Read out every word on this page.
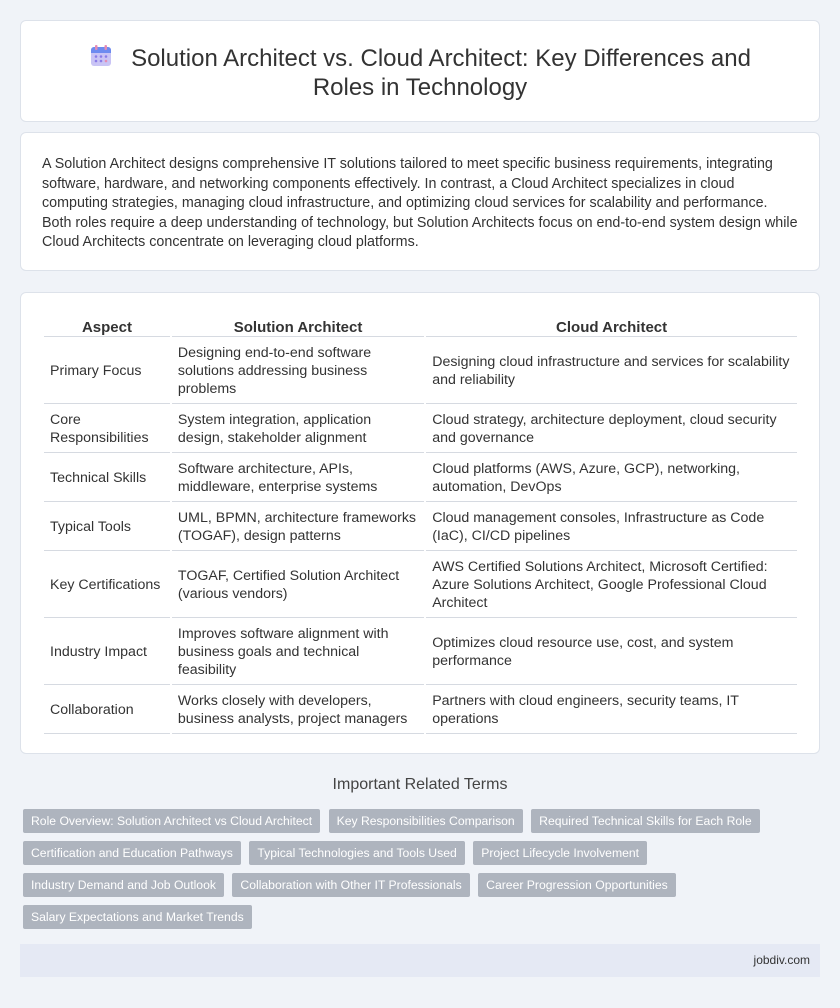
Solution Architect vs. Cloud Architect: Key Differences and Roles in Technology

A Solution Architect designs comprehensive IT solutions tailored to meet specific business requirements, integrating software, hardware, and networking components effectively. In contrast, a Cloud Architect specializes in cloud computing strategies, managing cloud infrastructure, and optimizing cloud services for scalability and performance. Both roles require a deep understanding of technology, but Solution Architects focus on end-to-end system design while Cloud Architects concentrate on leveraging cloud platforms.

Aspect	Solution Architect	Cloud Architect
Primary Focus	Designing end-to-end software solutions addressing business problems	Designing cloud infrastructure and services for scalability and reliability
Core Responsibilities	System integration, application design, stakeholder alignment	Cloud strategy, architecture deployment, cloud security and governance
Technical Skills	Software architecture, APIs, middleware, enterprise systems	Cloud platforms (AWS, Azure, GCP), networking, automation, DevOps
Typical Tools	UML, BPMN, architecture frameworks (TOGAF), design patterns	Cloud management consoles, Infrastructure as Code (IaC), CI/CD pipelines
Key Certifications	TOGAF, Certified Solution Architect (various vendors)	AWS Certified Solutions Architect, Microsoft Certified: Azure Solutions Architect, Google Professional Cloud Architect
Industry Impact	Improves software alignment with business goals and technical feasibility	Optimizes cloud resource use, cost, and system performance
Collaboration	Works closely with developers, business analysts, project managers	Partners with cloud engineers, security teams, IT operations
Important Related Terms
Role Overview: Solution Architect vs Cloud Architect Key Responsibilities Comparison Required Technical Skills for Each Role Certification and Education Pathways Typical Technologies and Tools Used Project Lifecycle Involvement Industry Demand and Job Outlook Collaboration with Other IT Professionals Career Progression Opportunities Salary Expectations and Market Trends
jobdiv.com
